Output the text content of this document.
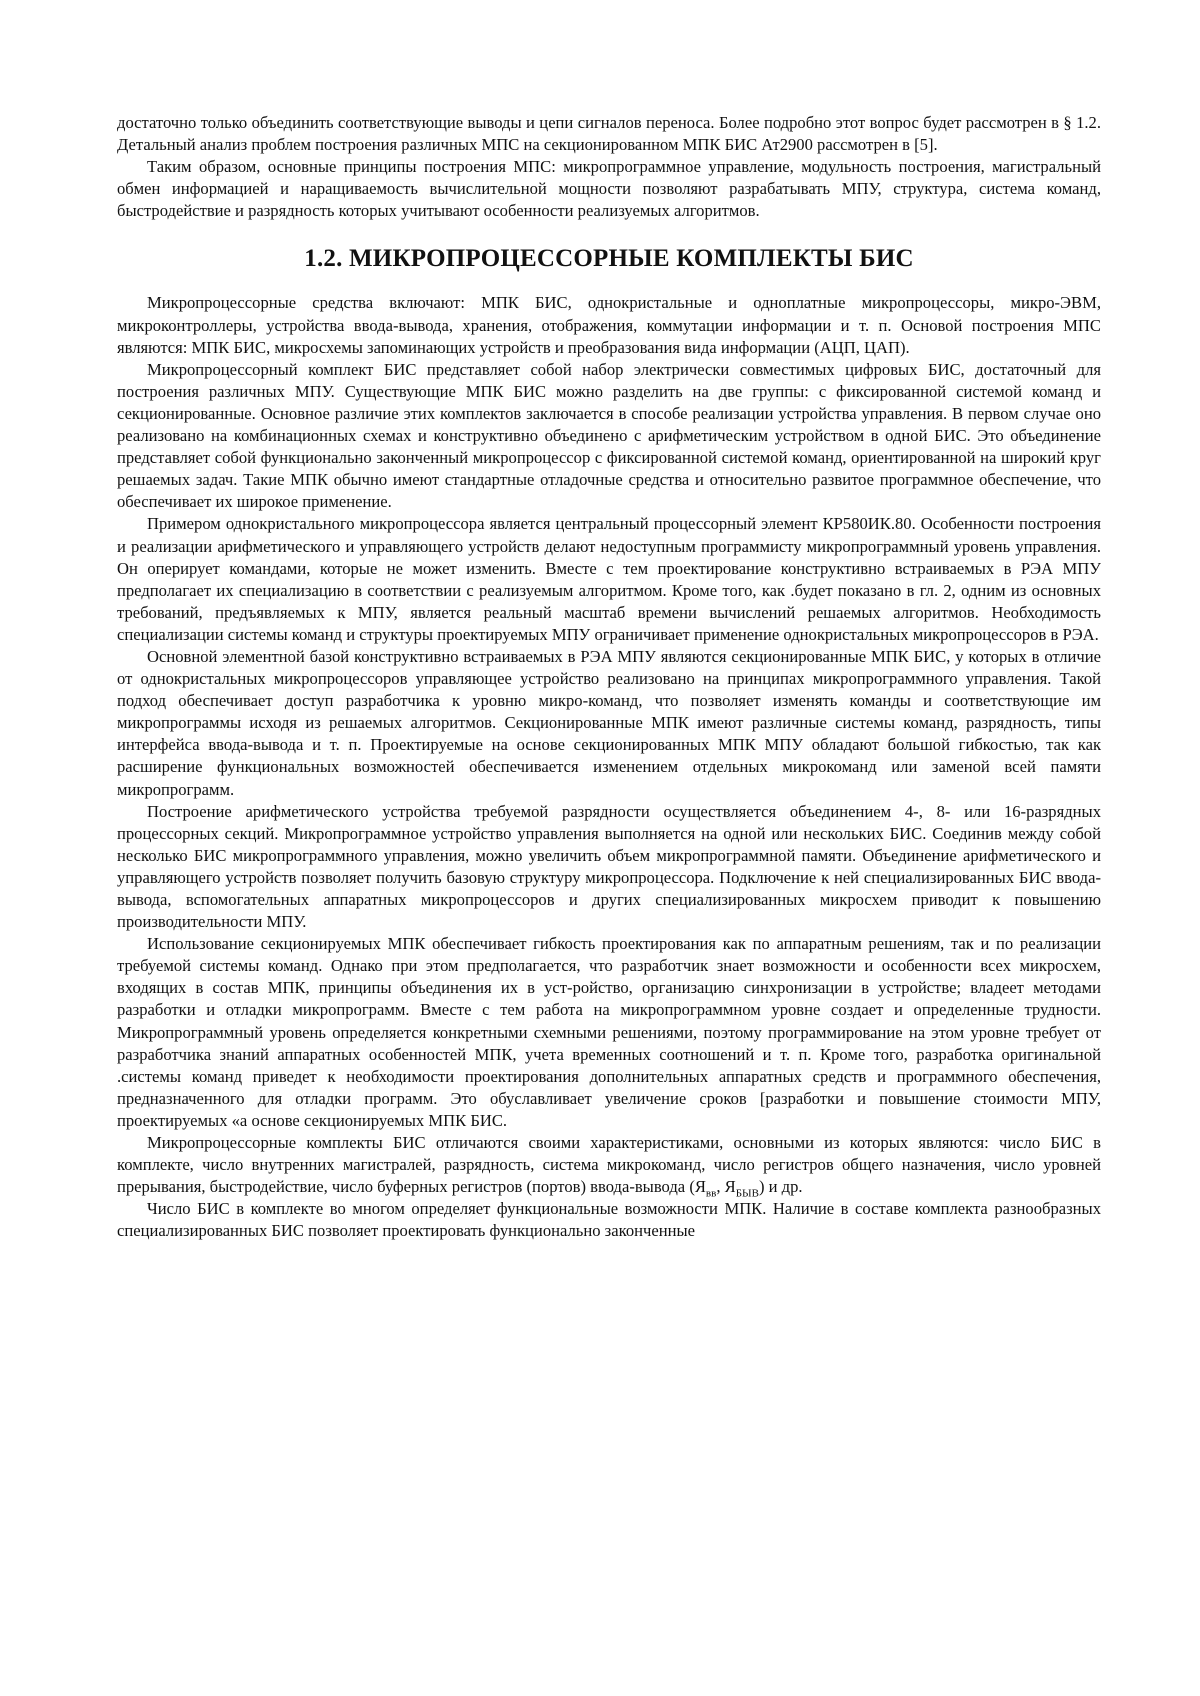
достаточно только объединить соответствующие выводы и цепи сигналов переноса. Более подробно этот вопрос будет рассмотрен в § 1.2. Детальный анализ проблем построения различных МПС на секционированном МПК БИС Ат2900 рассмотрен в [5].

Таким образом, основные принципы построения МПС: микропрограммное управление, модульность построения, магистральный обмен информацией и наращиваемость вычислительной мощности позволяют разрабатывать МПУ, структура, система команд, быстродействие и разрядность которых учитывают особенности реализуемых алгоритмов.

1.2. МИКРОПРОЦЕССОРНЫЕ КОМПЛЕКТЫ БИС

Микропроцессорные средства включают: МПК БИС, однокристальные и одноплатные микропроцессоры, микро-ЭВМ, микроконтроллеры, устройства ввода-вывода, хранения, отображения, коммутации информации и т. п. Основой построения МПС являются: МПК БИС, микросхемы запоминающих устройств и преобразования вида информации (АЦП, ЦАП).

Микропроцессорный комплект БИС представляет собой набор электрически совместимых цифровых БИС, достаточный для построения различных МПУ. Существующие МПК БИС можно разделить на две группы: с фиксированной системой команд и секционированные. Основное различие этих комплектов заключается в способе реализации устройства управления. В первом случае оно реализовано на комбинационных схемах и конструктивно объединено с арифметическим устройством в одной БИС. Это объединение представляет собой функционально законченный микропроцессор с фиксированной системой команд, ориентированной на широкий круг решаемых задач. Такие МПК обычно имеют стандартные отладочные средства и относительно развитое программное обеспечение, что обеспечивает их широкое применение.

Примером однокристального микропроцессора является центральный процессорный элемент КР580ИК.80. Особенности построения и реализации арифметического и управляющего устройств делают недоступным программисту микропрограммный уровень управления. Он оперирует командами, которые не может изменить. Вместе с тем проектирование конструктивно встраиваемых в РЭА МПУ предполагает их специализацию в соответствии с реализуемым алгоритмом. Кроме того, как .будет показано в гл. 2, одним из основных требований, предъявляемых к МПУ, является реальный масштаб времени вычислений решаемых алгоритмов. Необходимость специализации системы команд и структуры проектируемых МПУ ограничивает применение однокристальных микропроцессоров в РЭА.

Основной элементной базой конструктивно встраиваемых в РЭА МПУ являются секционированные МПК БИС, у которых в отличие от однокристальных микропроцессоров управляющее устройство реализовано на принципах микропрограммного управления. Такой подход обеспечивает доступ разработчика к уровню микро-команд, что позволяет изменять команды и соответствующие им микропрограммы исходя из решаемых алгоритмов. Секционированные МПК имеют различные системы команд, разрядность, типы интерфейса ввода-вывода и т. п. Проектируемые на основе секционированных МПК МПУ обладают большой гибкостью, так как расширение функциональных возможностей обеспечивается изменением отдельных микрокоманд или заменой всей памяти микропрограмм.

Построение арифметического устройства требуемой разрядности осуществляется объединением 4-, 8- или 16-разрядных процессорных секций. Микропрограммное устройство управления выполняется на одной или нескольких БИС. Соединив между собой несколько БИС микропрограммного управления, можно увеличить объем микропрограммной памяти. Объединение арифметического и управляющего устройств позволяет получить базовую структуру микропроцессора. Подключение к ней специализированных БИС ввода-вывода, вспомогательных аппаратных микропроцессоров и других специализированных микросхем приводит к повышению производительности МПУ.

Использование секционируемых МПК обеспечивает гибкость проектирования как по аппаратным решениям, так и по реализации требуемой системы команд. Однако при этом предполагается, что разработчик знает возможности и особенности всех микросхем, входящих в состав МПК, принципы объединения их в уст-ройство, организацию синхронизации в устройстве; владеет методами разработки и отладки микропрограмм. Вместе с тем работа на микропрограммном уровне создает и определенные трудности. Микропрограммный уровень определяется конкретными схемными решениями, поэтому программирование на этом уровне требует от разработчика знаний аппаратных особенностей МПК, учета временных соотношений и т. п. Кроме того, разработка оригинальной .системы команд приведет к необходимости проектирования дополнительных аппаратных средств и программного обеспечения, предназначенного для отладки программ. Это обуславливает увеличение сроков [разработки и повышение стоимости МПУ, проектируемых «а основе секционируемых МПК БИС.

Микропроцессорные комплекты БИС отличаются своими характеристиками, основными из которых являются: число БИС в комплекте, число внутренних магистралей, разрядность, система микрокоманд, число регистров общего назначения, число уровней прерывания, быстродействие, число буферных регистров (портов) ввода-вывода ($Я_{вв}$, $Я_{БЫВ}$) и др.

Число БИС в комплекте во многом определяет функциональные возможности МПК. Наличие в составе комплекта разнообразных специализированных БИС позволяет проектировать функционально законченные
